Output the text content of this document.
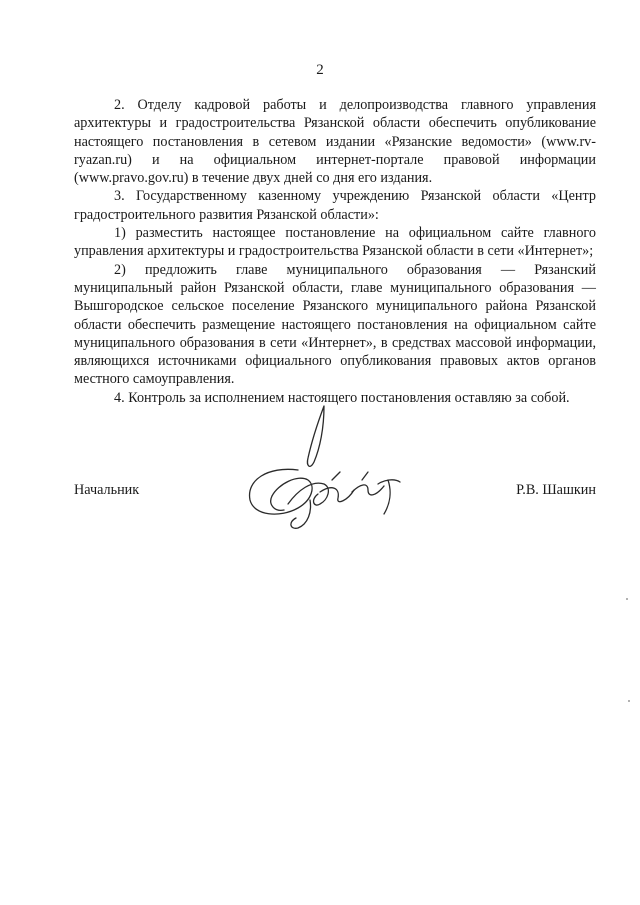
2

2. Отделу кадровой работы и делопроизводства главного управления архитектуры и градостроительства Рязанской области обеспечить опубликование настоящего постановления в сетевом издании «Рязанские ведомости» (www.rv-ryazan.ru) и на официальном интернет-портале правовой информации (www.pravo.gov.ru) в течение двух дней со дня его издания.

3. Государственному казенному учреждению Рязанской области «Центр градостроительного развития Рязанской области»:

1) разместить настоящее постановление на официальном сайте главного управления архитектуры и градостроительства Рязанской области в сети «Интернет»;

2) предложить главе муниципального образования — Рязанский муниципальный район Рязанской области, главе муниципального образования — Вышгородское сельское поселение Рязанского муниципального района Рязанской области обеспечить размещение настоящего постановления на официальном сайте муниципального образования в сети «Интернет», в средствах массовой информации, являющихся источниками официального опубликования правовых актов органов местного самоуправления.

4. Контроль за исполнением настоящего постановления оставляю за собой.

Начальник	Р.В. Шашкин
